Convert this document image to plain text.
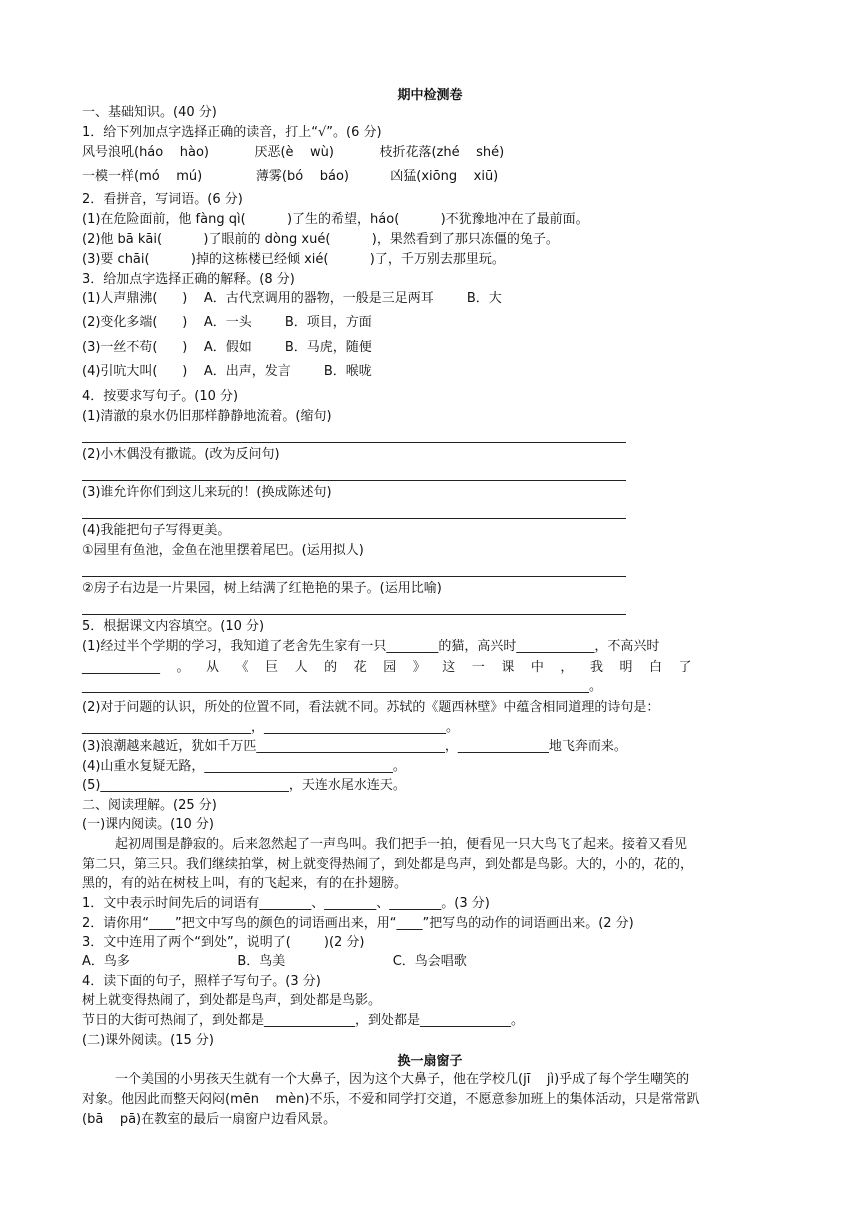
期中检测卷
一、基础知识。(40 分)
1．给下列加点字选择正确的读音，打上“√”。(6 分)
风号浪吼(háo    hào)           厌恶(è    wù)           枝折花落(zhé    shé)
一模一样(mó    mú)             薄雾(bó    báo)          凶猛(xiōng    xiū)
2．看拼音，写词语。(6 分)
(1)在危险面前，他 fàng qì(          )了生的希望，háo(          )不犹豫地冲在了最前面。
(2)他 bā kāi(          )了眼前的 dòng xué(          )，果然看到了那只冻僵的兔子。
(3)要 chāi(          )掉的这栋楼已经倾 xié(          )了，千万别去那里玩。
3．给加点字选择正确的解释。(8 分)
(1)人声鼎沸(      )    A．古代烹调用的器物，一般是三足两耳        B．大
(2)变化多端(      )    A．一头        B．项目，方面
(3)一丝不苟(      )    A．假如        B．马虎，随便
(4)引吭大叫(      )    A．出声，发言        B．喉咙
4．按要求写句子。(10 分)
(1)清澈的泉水仍旧那样静静地流着。(缩句)
(2)小木偶没有撒谎。(改为反问句)
(3)谁允许你们到这儿来玩的！(换成陈述句)
(4)我能把句子写得更美。
①园里有鱼池，金鱼在池里摆着尾巴。(运用拟人)
②房子右边是一片果园，树上结满了红艳艳的果子。(运用比喻)
5．根据课文内容填空。(10 分)
(1)经过半个学期的学习，我知道了老舍先生家有一只________的猫，高兴时____________，不高兴时
____________    。    从    《    巨    人    的    花    园    》    这    一    课    中    ，    我    明    白    了
______________________________________________________________________________。
(2)对于问题的认识，所处的位置不同，看法就不同。苏轼的《题西林壁》中蕴含相同道理的诗句是：
__________________________，____________________________。
(3)浪潮越来越近，犹如千万匹_____________________________，______________地飞奔而来。
(4)山重水复疑无路，_____________________________。
(5)_____________________________，天连水尾水连天。
二、阅读理解。(25 分)
(一)课内阅读。(10 分)
起初周围是静寂的。后来忽然起了一声鸟叫。我们把手一拍，便看见一只大鸟飞了起来。接着又看见
第二只，第三只。我们继续拍掌，树上就变得热闹了，到处都是鸟声，到处都是鸟影。大的，小的，花的，
黑的，有的站在树枝上叫，有的飞起来，有的在扑翅膀。
1．文中表示时间先后的词语有________、________、________。(3 分)
2．请你用“____”把文中写鸟的颜色的词语画出来，用“____”把写鸟的动作的词语画出来。(2 分)
3．文中连用了两个“到处”，说明了(        )(2 分)
A．鸟多                          B．鸟美                          C．鸟会唱歌
4．读下面的句子，照样子写句子。(3 分)
树上就变得热闹了，到处都是鸟声，到处都是鸟影。
节日的大街可热闹了，到处都是______________，到处都是______________。
(二)课外阅读。(15 分)
换一扇窗子
一个美国的小男孩天生就有一个大鼻子，因为这个大鼻子，他在学校几(jī    jì)乎成了每个学生嘲笑的
对象。他因此而整天闷闷(mēn    mèn)不乐，不爱和同学打交道，不愿意参加班上的集体活动，只是常常趴
(bā    pā)在教室的最后一扇窗户边看风景。
